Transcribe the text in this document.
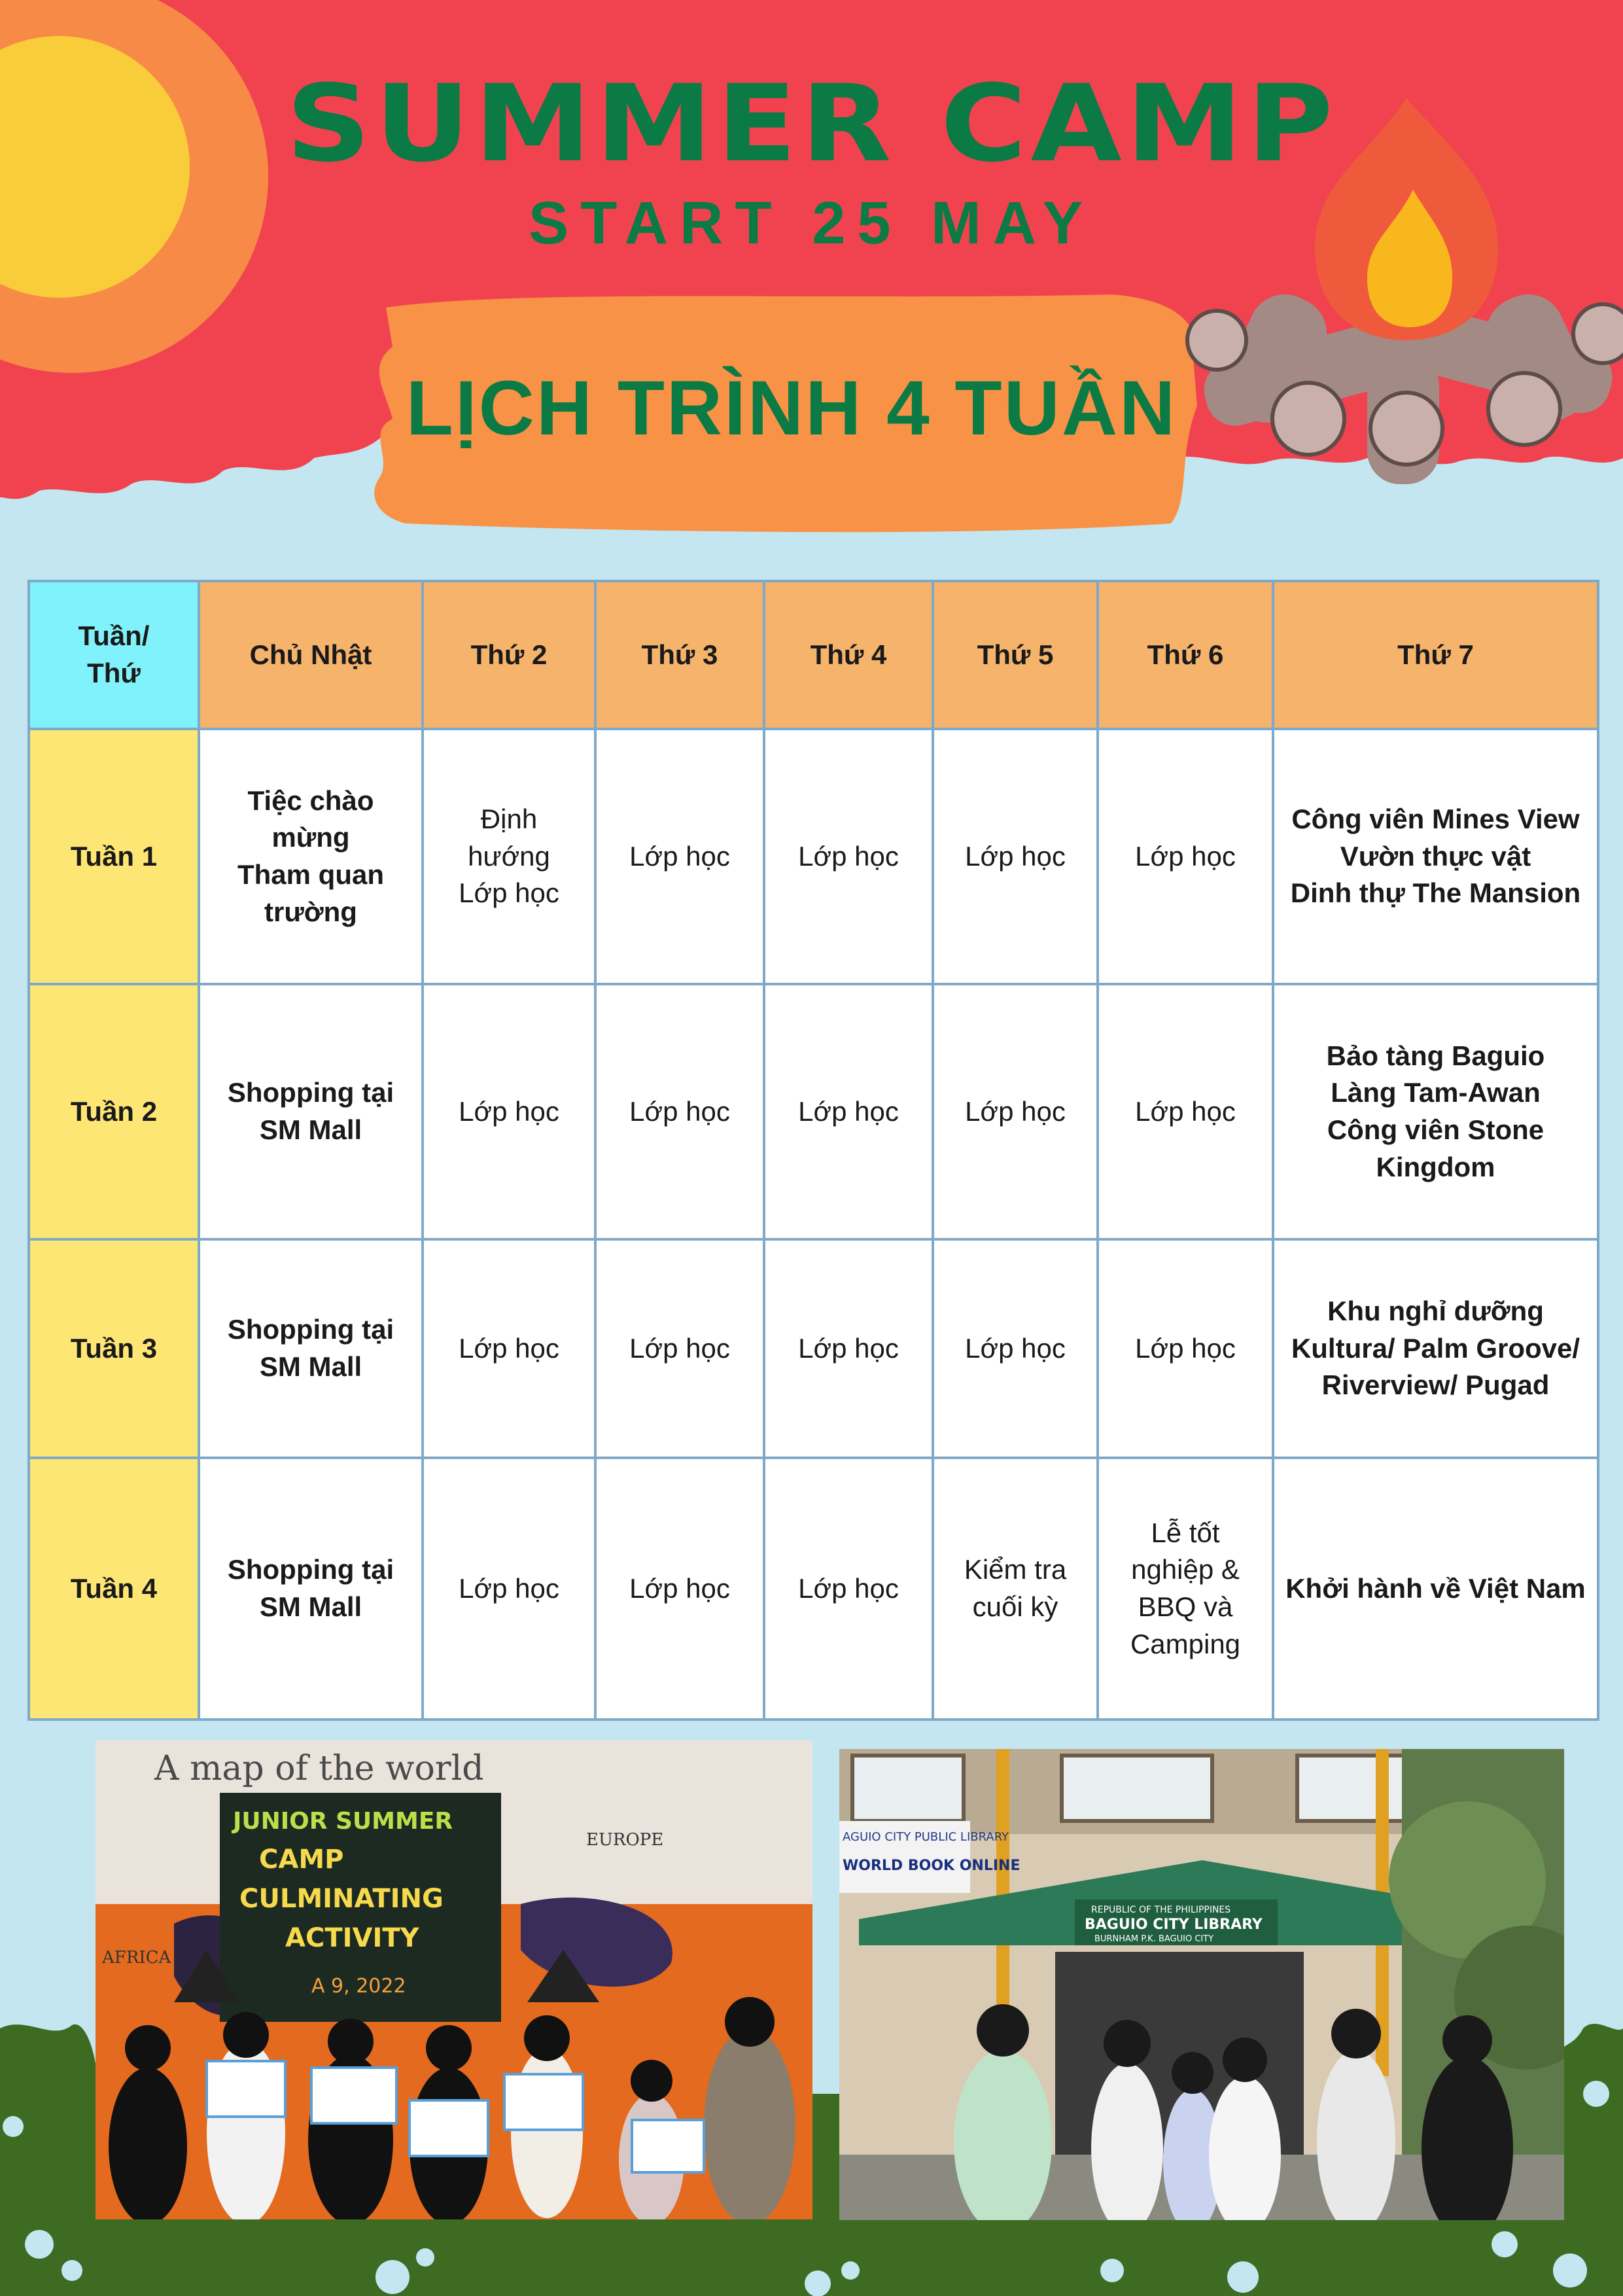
SUMMER CAMP
START 25 MAY
LỊCH TRÌNH 4 TUẦN
Tuần/
Thứ	Chủ Nhật	Thứ 2	Thứ 3	Thứ 4	Thứ 5	Thứ 6	Thứ 7
Tuần 1	Tiệc chào
mừng
Tham quan
trường	Định
hướng
Lớp học	Lớp học	Lớp học	Lớp học	Lớp học	Công viên Mines View
Vườn thực vật
Dinh thự The Mansion
Tuần 2	Shopping tại
SM Mall	Lớp học	Lớp học	Lớp học	Lớp học	Lớp học	Bảo tàng Baguio
Làng Tam-Awan
Công viên Stone
Kingdom
Tuần 3	Shopping tại
SM Mall	Lớp học	Lớp học	Lớp học	Lớp học	Lớp học	Khu nghỉ dưỡng
Kultura/ Palm Groove/
Riverview/ Pugad
Tuần 4	Shopping tại
SM Mall	Lớp học	Lớp học	Lớp học	Kiểm tra
cuối kỳ	Lễ tốt
nghiệp &
BBQ và
Camping	Khởi hành về Việt Nam
A map of the world
EUROPE
AFRICA
JUNIOR SUMMER
CAMP
CULMINATING
ACTIVITY
A 9, 2022
AGUIO CITY PUBLIC LIBRARY
WORLD BOOK ONLINE
REPUBLIC OF THE PHILIPPINES
BAGUIO CITY LIBRARY
BURNHAM P.K. BAGUIO CITY
